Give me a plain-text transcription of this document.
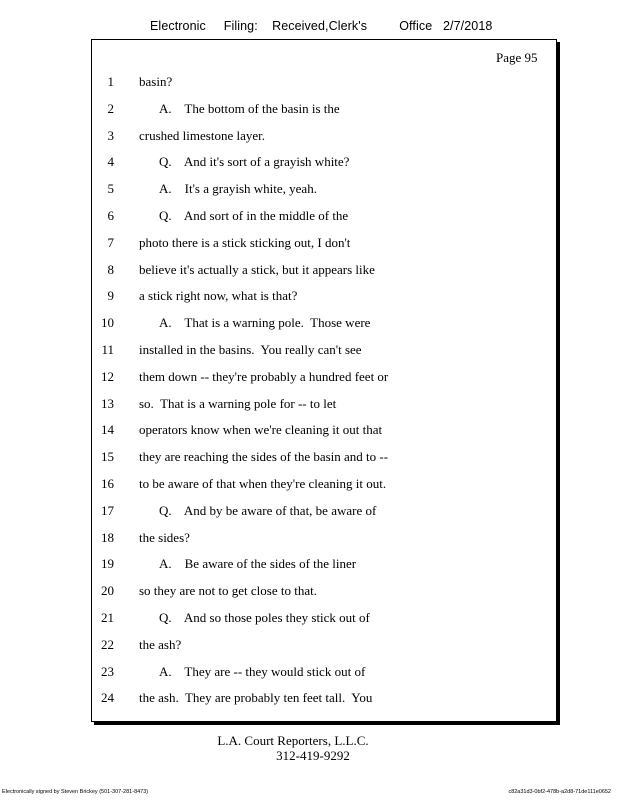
Electronic     Filing:    Received,Clerk's         Office   2/7/2018
Page 95
1 basin?
2	A.    The bottom of the basin is the
3 crushed limestone layer.
4	Q.    And it's sort of a grayish white?
5	A.    It's a grayish white, yeah.
6	Q.    And sort of in the middle of the
7 photo there is a stick sticking out, I don't
8 believe it's actually a stick, but it appears like
9 a stick right now, what is that?
10	A.    That is a warning pole.  Those were
11 installed in the basins.  You really can't see
12 them down -- they're probably a hundred feet or
13 so.  That is a warning pole for -- to let
14 operators know when we're cleaning it out that
15 they are reaching the sides of the basin and to --
16 to be aware of that when they're cleaning it out.
17	Q.    And by be aware of that, be aware of
18 the sides?
19	A.    Be aware of the sides of the liner
20 so they are not to get close to that.
21	Q.    And so those poles they stick out of
22 the ash?
23	A.    They are -- they would stick out of
24 the ash.  They are probably ten feet tall.  You
L.A. Court Reporters, L.L.C.
312-419-9292
Electronically signed by Steven Brickey (501-307-281-8473)	c82a31d3-0bf2-478b-a2d8-71de111e0652
